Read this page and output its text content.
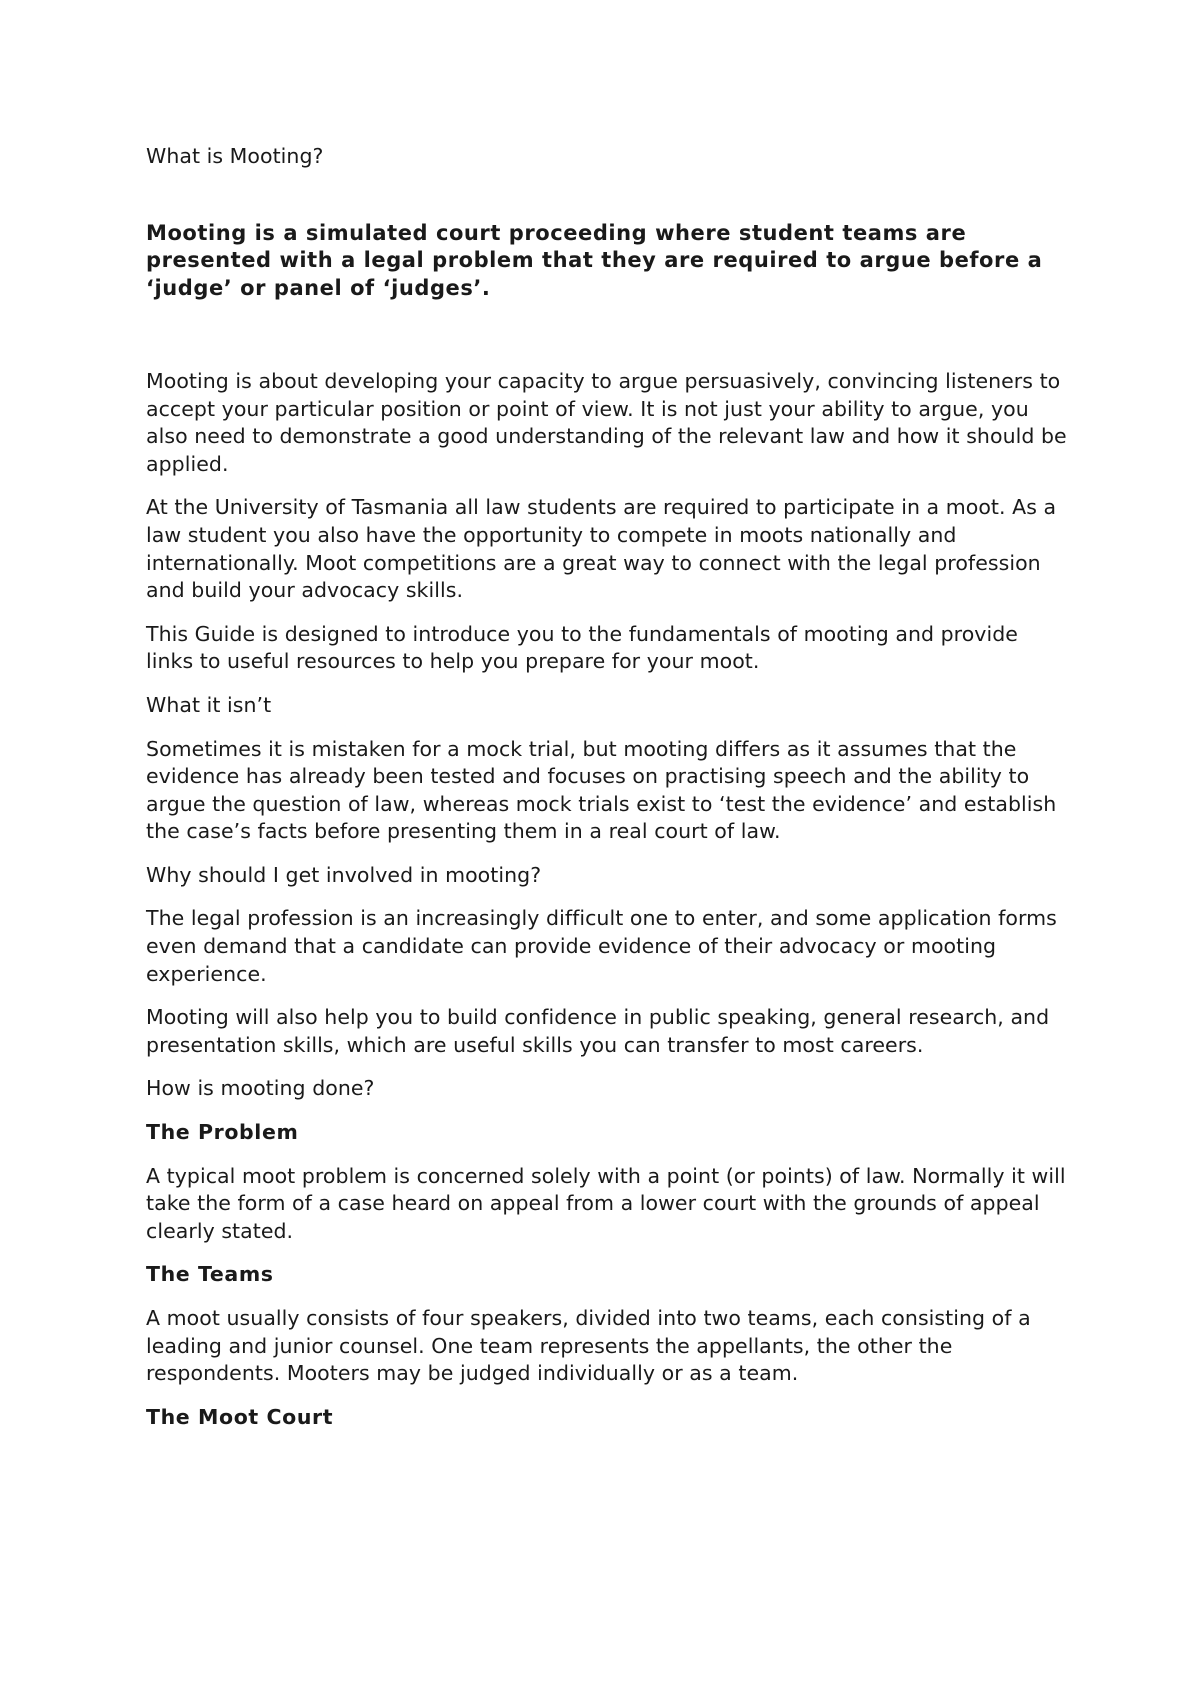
What is Mooting?

Mooting is a simulated court proceeding where student teams are presented with a legal problem that they are required to argue before a ‘judge’ or panel of ‘judges’.

Mooting is about developing your capacity to argue persuasively, convincing listeners to accept your particular position or point of view. It is not just your ability to argue, you also need to demonstrate a good understanding of the relevant law and how it should be applied.

At the University of Tasmania all law students are required to participate in a moot. As a law student you also have the opportunity to compete in moots nationally and internationally. Moot competitions are a great way to connect with the legal profession and build your advocacy skills.

This Guide is designed to introduce you to the fundamentals of mooting and provide links to useful resources to help you prepare for your moot.

What it isn’t

Sometimes it is mistaken for a mock trial, but mooting differs as it assumes that the evidence has already been tested and focuses on practising speech and the ability to argue the question of law, whereas mock trials exist to ‘test the evidence’ and establish the case’s facts before presenting them in a real court of law.

Why should I get involved in mooting?

The legal profession is an increasingly difficult one to enter, and some application forms even demand that a candidate can provide evidence of their advocacy or mooting experience.

Mooting will also help you to build confidence in public speaking, general research, and presentation skills, which are useful skills you can transfer to most careers.

How is mooting done?

The Problem

A typical moot problem is concerned solely with a point (or points) of law. Normally it will take the form of a case heard on appeal from a lower court with the grounds of appeal clearly stated.

The Teams

A moot usually consists of four speakers, divided into two teams, each consisting of a leading and junior counsel. One team represents the appellants, the other the respondents. Mooters may be judged individually or as a team.

The Moot Court
